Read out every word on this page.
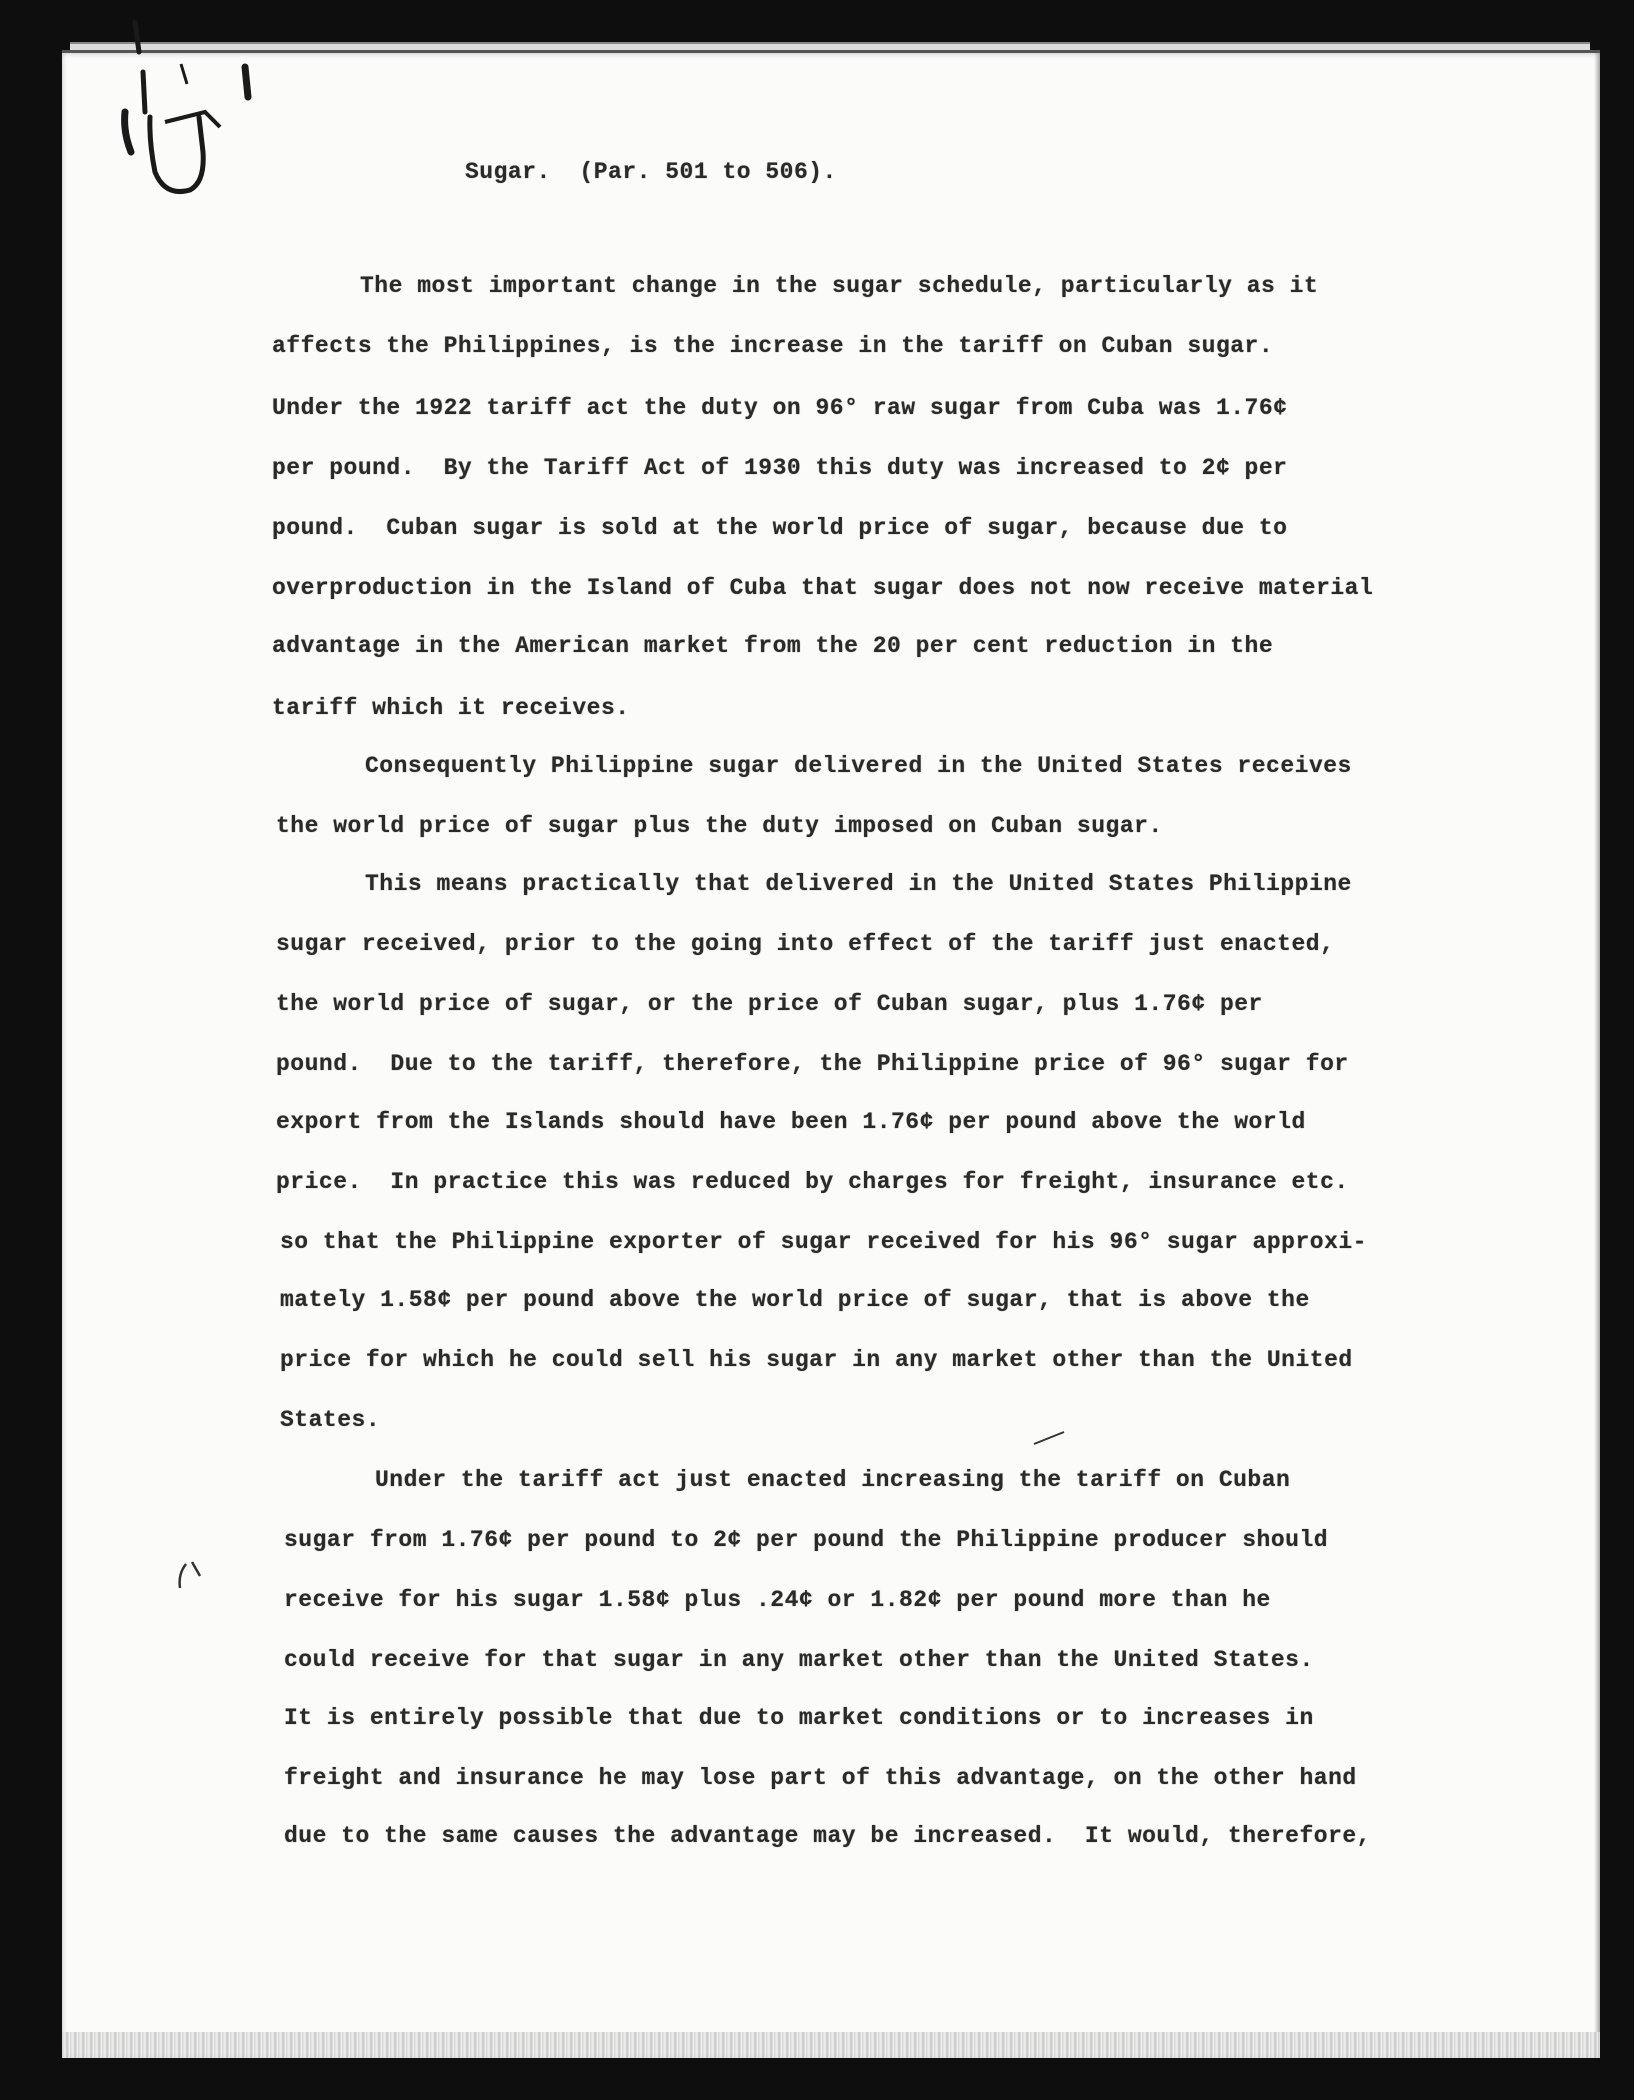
Sugar.  (Par. 501 to 506).
The most important change in the sugar schedule, particularly as it
affects the Philippines, is the increase in the tariff on Cuban sugar.
Under the 1922 tariff act the duty on 96° raw sugar from Cuba was 1.76¢
per pound.  By the Tariff Act of 1930 this duty was increased to 2¢ per
pound.  Cuban sugar is sold at the world price of sugar, because due to
overproduction in the Island of Cuba that sugar does not now receive material
advantage in the American market from the 20 per cent reduction in the
tariff which it receives.
Consequently Philippine sugar delivered in the United States receives
the world price of sugar plus the duty imposed on Cuban sugar.
This means practically that delivered in the United States Philippine
sugar received, prior to the going into effect of the tariff just enacted,
the world price of sugar, or the price of Cuban sugar, plus 1.76¢ per
pound.  Due to the tariff, therefore, the Philippine price of 96° sugar for
export from the Islands should have been 1.76¢ per pound above the world
price.  In practice this was reduced by charges for freight, insurance etc.
so that the Philippine exporter of sugar received for his 96° sugar approxi-
mately 1.58¢ per pound above the world price of sugar, that is above the
price for which he could sell his sugar in any market other than the United
States.
Under the tariff act just enacted increasing the tariff on Cuban
sugar from 1.76¢ per pound to 2¢ per pound the Philippine producer should
receive for his sugar 1.58¢ plus .24¢ or 1.82¢ per pound more than he
could receive for that sugar in any market other than the United States.
It is entirely possible that due to market conditions or to increases in
freight and insurance he may lose part of this advantage, on the other hand
due to the same causes the advantage may be increased.  It would, therefore,
